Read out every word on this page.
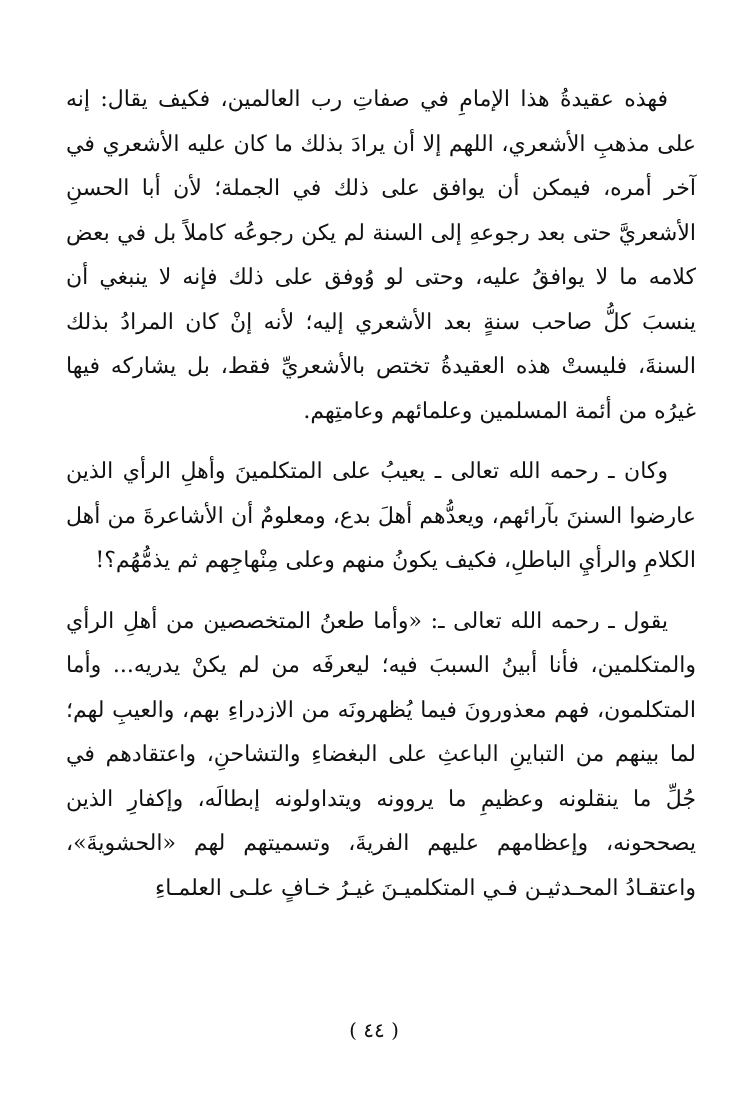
فهذه عقيدةُ هذا الإمامِ في صفاتِ رب العالمين، فكيف يقال: إنه على مذهبِ الأشعري، اللهم إلا أن يرادَ بذلك ما كان عليه الأشعري في آخر أمره، فيمكن أن يوافق على ذلك في الجملة؛ لأن أبا الحسنِ الأشعريَّ حتى بعد رجوعهِ إلى السنة لم يكن رجوعُه كاملاً بل في بعض كلامه ما لا يوافقُ عليه، وحتى لو وُوفق على ذلك فإنه لا ينبغي أن ينسبَ كلُّ صاحب سنةٍ بعد الأشعري إليه؛ لأنه إنْ كان المرادُ بذلك السنةَ، فليستْ هذه العقيدةُ تختص بالأشعريِّ فقط، بل يشاركه فيها غيرُه من أئمة المسلمين وعلمائهم وعامتِهم.

وكان ـ رحمه الله تعالى ـ يعيبُ على المتكلمينَ وأهلِ الرأي الذين عارضوا السننَ بآرائهم، ويعدُّهم أهلَ بدع، ومعلومٌ أن الأشاعرةَ من أهل الكلامِ والرأيِ الباطلِ، فكيف يكونُ منهم وعلى مِنْهاجِهم ثم يذمُّهُم؟!

يقول ـ رحمه الله تعالى ـ: «وأما طعنُ المتخصصين من أهلِ الرأي والمتكلمين، فأنا أبينُ السببَ فيه؛ ليعرفَه من لم يكنْ يدريه... وأما المتكلمون، فهم معذورونَ فيما يُظهرونَه من الازدراءِ بهم، والعيبِ لهم؛ لما بينهم من التباينِ الباعثِ على البغضاءِ والتشاحنِ، واعتقادهم في جُلِّ ما ينقلونه وعظيمِ ما يروونه ويتداولونه إبطالَه، وإكفارِ الذين يصححونه، وإعظامهم عليهم الفريةَ، وتسميتهم لهم «الحشويةَ»، واعتقـادُ المحـدثيـن فـي المتكلميـنَ غيـرُ خـافٍ علـى العلمـاءِ

( ٤٤ )
